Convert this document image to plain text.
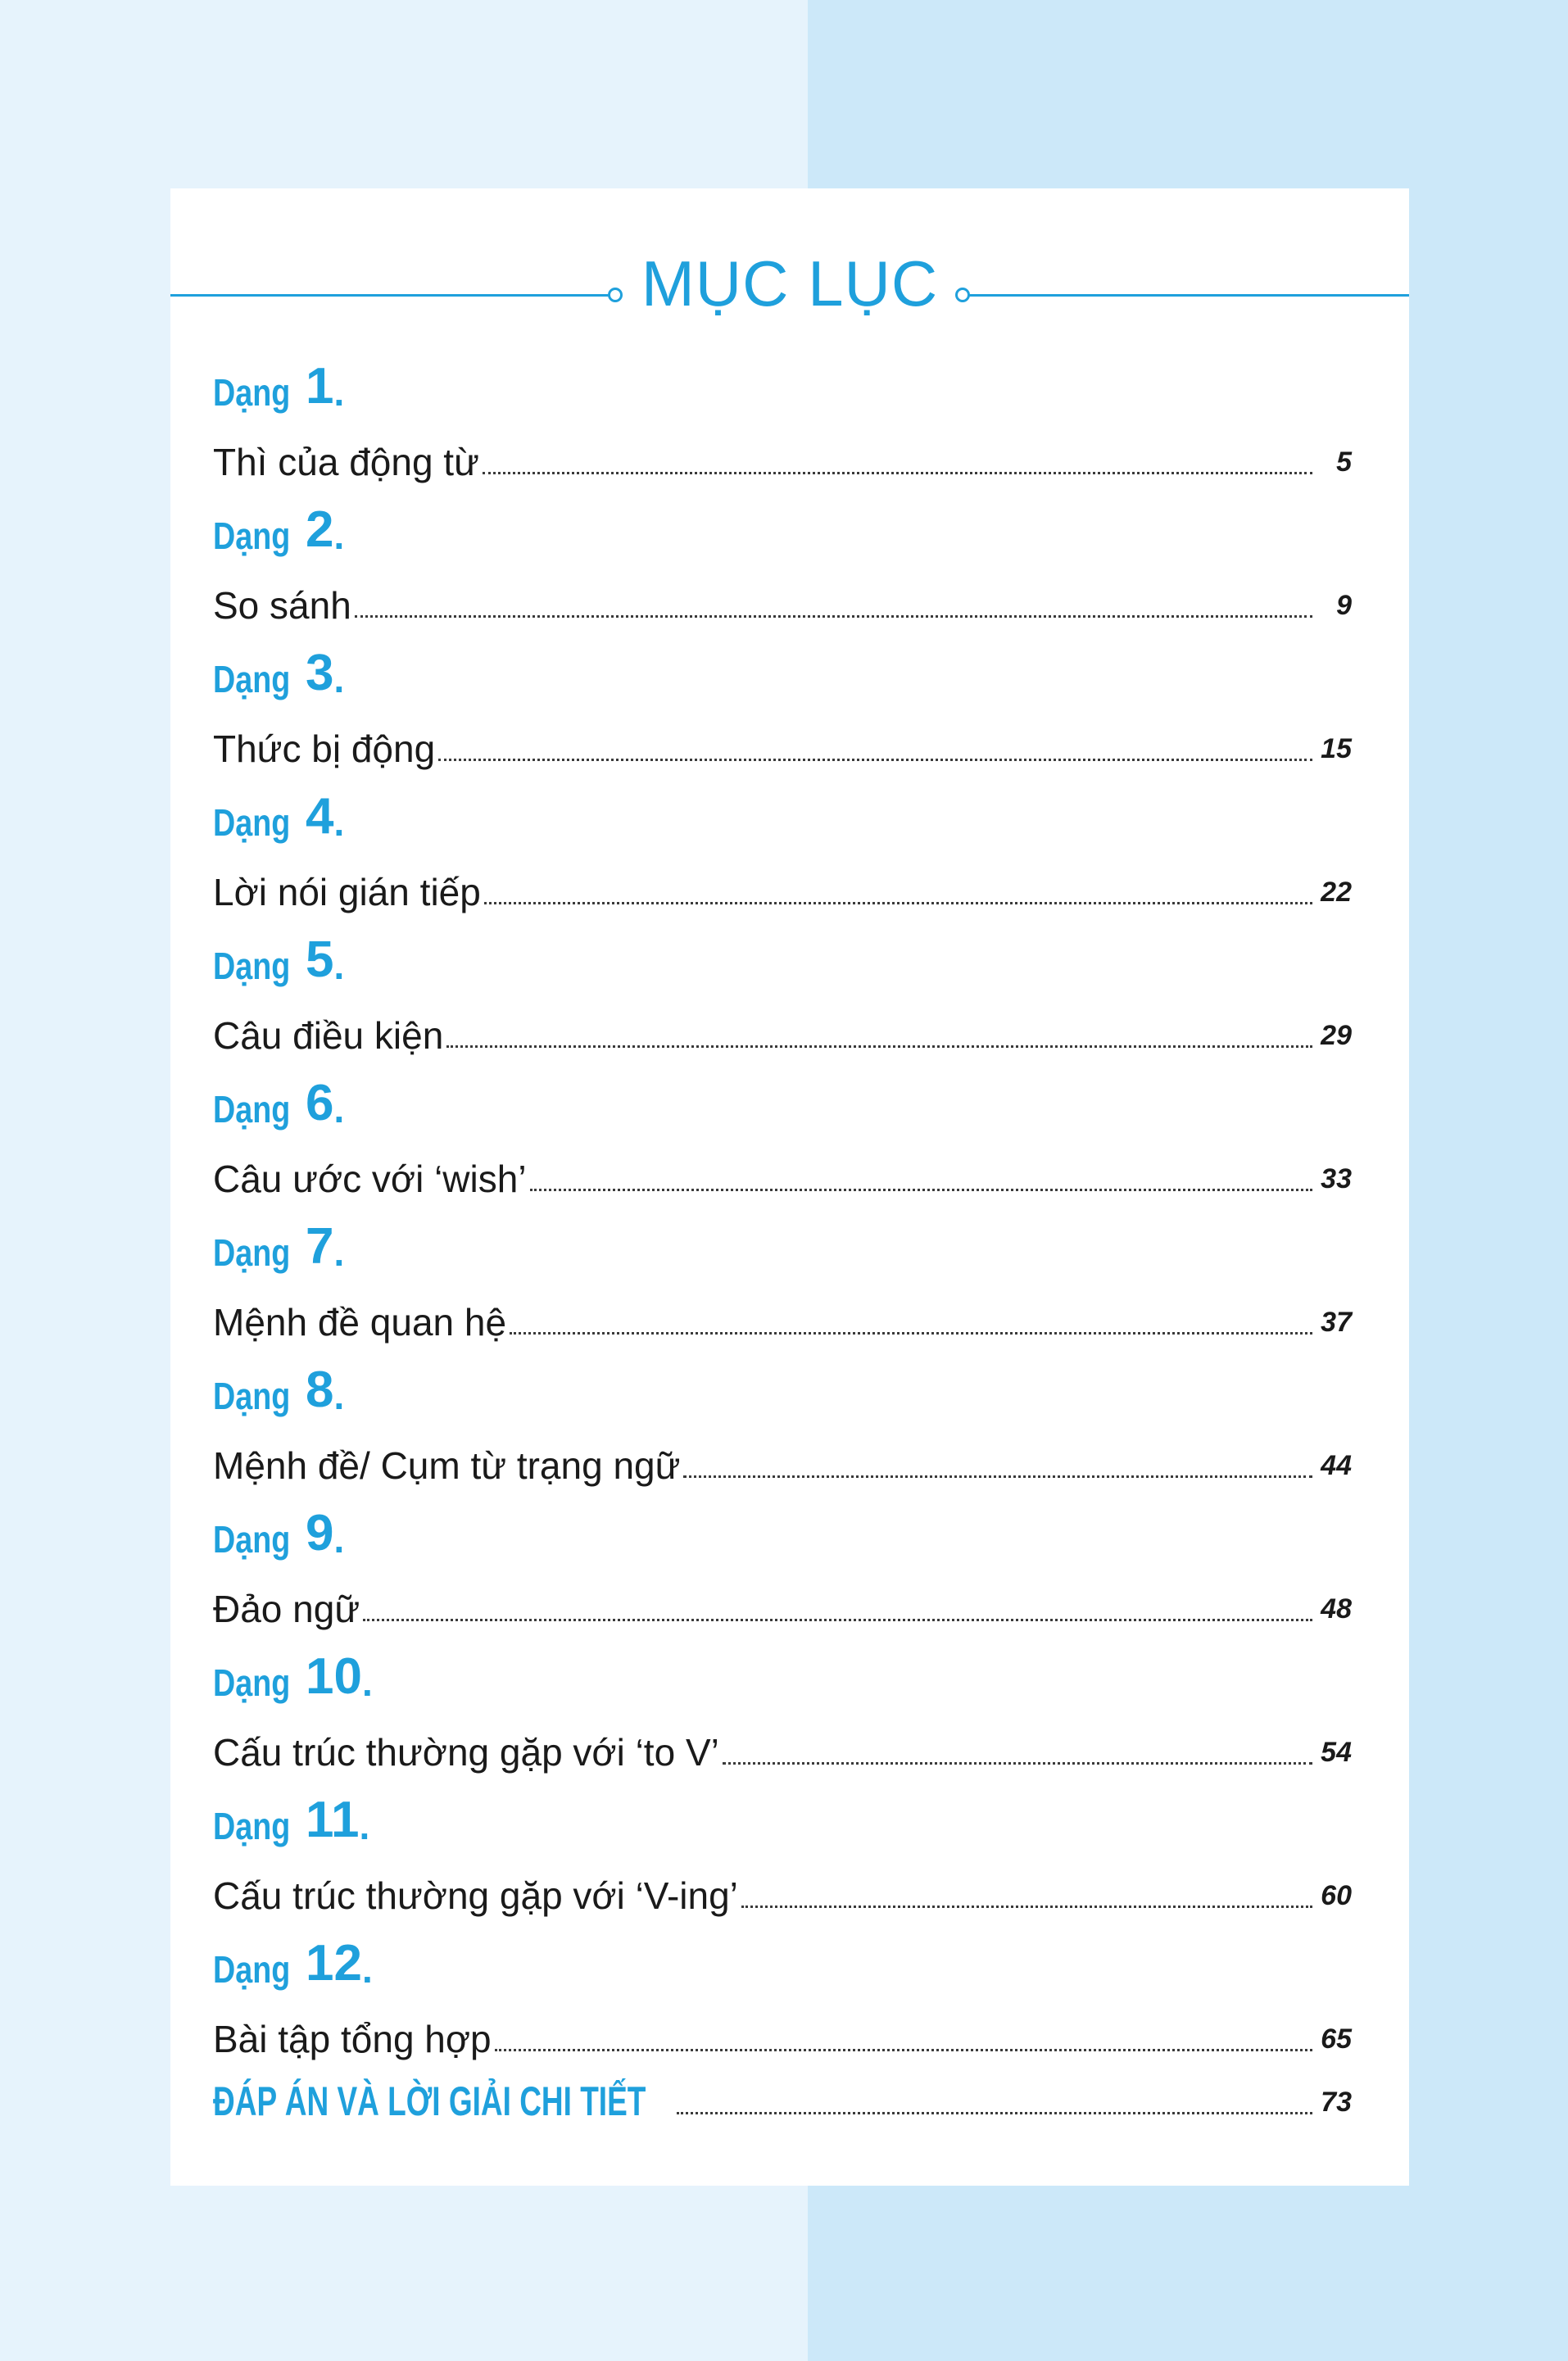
MỤC LỤC
Dạng 1 .
Thì của động từ	5
Dạng 2 .
So sánh	9
Dạng 3 .
Thức bị động	15
Dạng 4 .
Lời nói gián tiếp	22
Dạng 5 .
Câu điều kiện	29
Dạng 6 .
Câu ước với ‘wish’	33
Dạng 7 .
Mệnh đề quan hệ	37
Dạng 8 .
Mệnh đề/ Cụm từ trạng ngữ	44
Dạng 9 .
Đảo ngữ	48
Dạng 10 .
Cấu trúc thường gặp với ‘to V’	54
Dạng 11 .
Cấu trúc thường gặp với ‘V-ing’	60
Dạng 12 .
Bài tập tổng hợp	65
ĐÁP ÁN VÀ LỜI GIẢI CHI TIẾT	73
